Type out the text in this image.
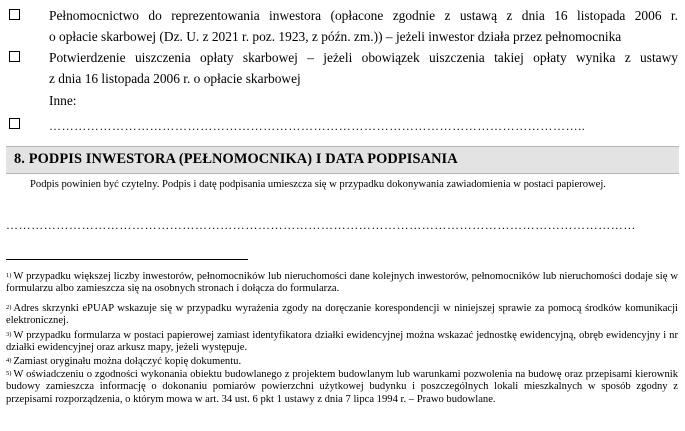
Pełnomocnictwo do reprezentowania inwestora (opłacone zgodnie z ustawą z dnia 16 listopada 2006 r.
o opłacie skarbowej (Dz. U. z 2021 r. poz. 1923, z późn. zm.)) – jeżeli inwestor działa przez pełnomocnika
Potwierdzenie uiszczenia opłaty skarbowej – jeżeli obowiązek uiszczenia takiej opłaty wynika z ustawy
z dnia 16 listopada 2006 r. o opłacie skarbowej
Inne:
………………………………………………………………………………………………………………..
8. PODPIS INWESTORA (PEŁNOMOCNIKA) I DATA PODPISANIA
Podpis powinien być czytelny. Podpis i datę podpisania umieszcza się w przypadku dokonywania zawiadomienia w postaci papierowej.
……………………………………………………………………………………………………………………………………
$^{1)}$ W przypadku większej liczby inwestorów, pełnomocników lub nieruchomości dane kolejnych inwestorów, pełnomocników lub nieruchomości dodaje się w formularzu albo zamieszcza się na osobnych stronach i dołącza do formularza.
$^{2)}$ Adres skrzynki ePUAP wskazuje się w przypadku wyrażenia zgody na doręczanie korespondencji w niniejszej sprawie za pomocą środków komunikacji elektronicznej.
$^{3)}$ W przypadku formularza w postaci papierowej zamiast identyfikatora działki ewidencyjnej można wskazać jednostkę ewidencyjną, obręb ewidencyjny i nr działki ewidencyjnej oraz arkusz mapy, jeżeli występuje.
$^{4)}$ Zamiast oryginału można dołączyć kopię dokumentu.
$^{5)}$ W oświadczeniu o zgodności wykonania obiektu budowlanego z projektem budowlanym lub warunkami pozwolenia na budowę oraz przepisami kierownik budowy zamieszcza informację o dokonaniu pomiarów powierzchni użytkowej budynku i poszczególnych lokali mieszkalnych w sposób zgodny z przepisami rozporządzenia, o którym mowa w art. 34 ust. 6 pkt 1 ustawy z dnia 7 lipca 1994 r. – Prawo budowlane.
